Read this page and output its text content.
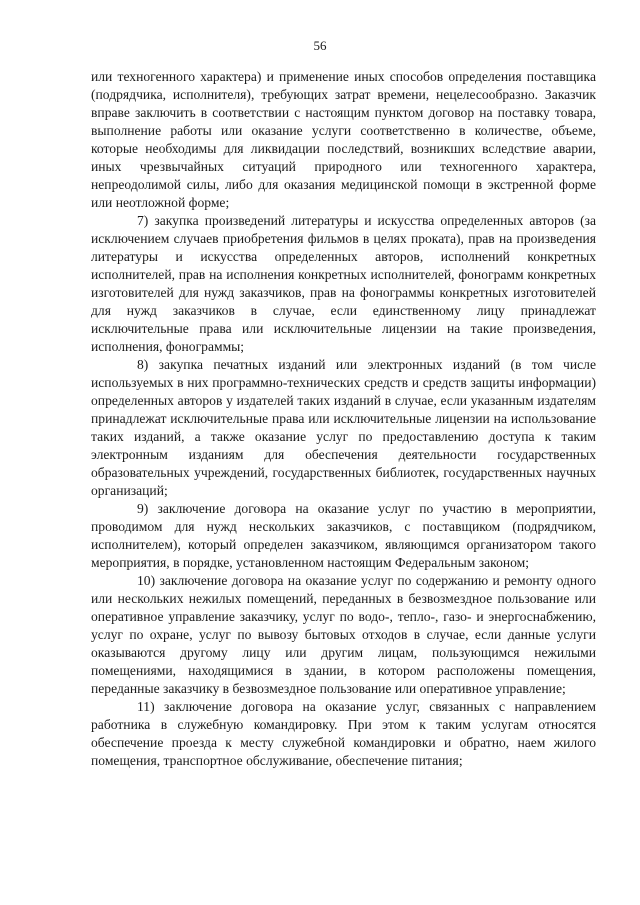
56

или техногенного характера) и применение иных способов определения поставщика (подрядчика, исполнителя), требующих затрат времени, нецелесообразно. Заказчик вправе заключить в соответствии с настоящим пунктом договор на поставку товара, выполнение работы или оказание услуги соответственно в количестве, объеме, которые необходимы для ликвидации последствий, возникших вследствие аварии, иных чрезвычайных ситуаций природного или техногенного характера, непреодолимой силы, либо для оказания медицинской помощи в экстренной форме или неотложной форме;

7) закупка произведений литературы и искусства определенных авторов (за исключением случаев приобретения фильмов в целях проката), прав на произведения литературы и искусства определенных авторов, исполнений конкретных исполнителей, прав на исполнения конкретных исполнителей, фонограмм конкретных изготовителей для нужд заказчиков, прав на фонограммы конкретных изготовителей для нужд заказчиков в случае, если единственному лицу принадлежат исключительные права или исключительные лицензии на такие произведения, исполнения, фонограммы;

8) закупка печатных изданий или электронных изданий (в том числе используемых в них программно-технических средств и средств защиты информации) определенных авторов у издателей таких изданий в случае, если указанным издателям принадлежат исключительные права или исключительные лицензии на использование таких изданий, а также оказание услуг по предоставлению доступа к таким электронным изданиям для обеспечения деятельности государственных образовательных учреждений, государственных библиотек, государственных научных организаций;

9) заключение договора на оказание услуг по участию в мероприятии, проводимом для нужд нескольких заказчиков, с поставщиком (подрядчиком, исполнителем), который определен заказчиком, являющимся организатором такого мероприятия, в порядке, установленном настоящим Федеральным законом;

10) заключение договора на оказание услуг по содержанию и ремонту одного или нескольких нежилых помещений, переданных в безвозмездное пользование или оперативное управление заказчику, услуг по водо-, тепло-, газо- и энергоснабжению, услуг по охране, услуг по вывозу бытовых отходов в случае, если данные услуги оказываются другому лицу или другим лицам, пользующимся нежилыми помещениями, находящимися в здании, в котором расположены помещения, переданные заказчику в безвозмездное пользование или оперативное управление;

11) заключение договора на оказание услуг, связанных с направлением работника в служебную командировку. При этом к таким услугам относятся обеспечение проезда к месту служебной командировки и обратно, наем жилого помещения, транспортное обслуживание, обеспечение питания;
